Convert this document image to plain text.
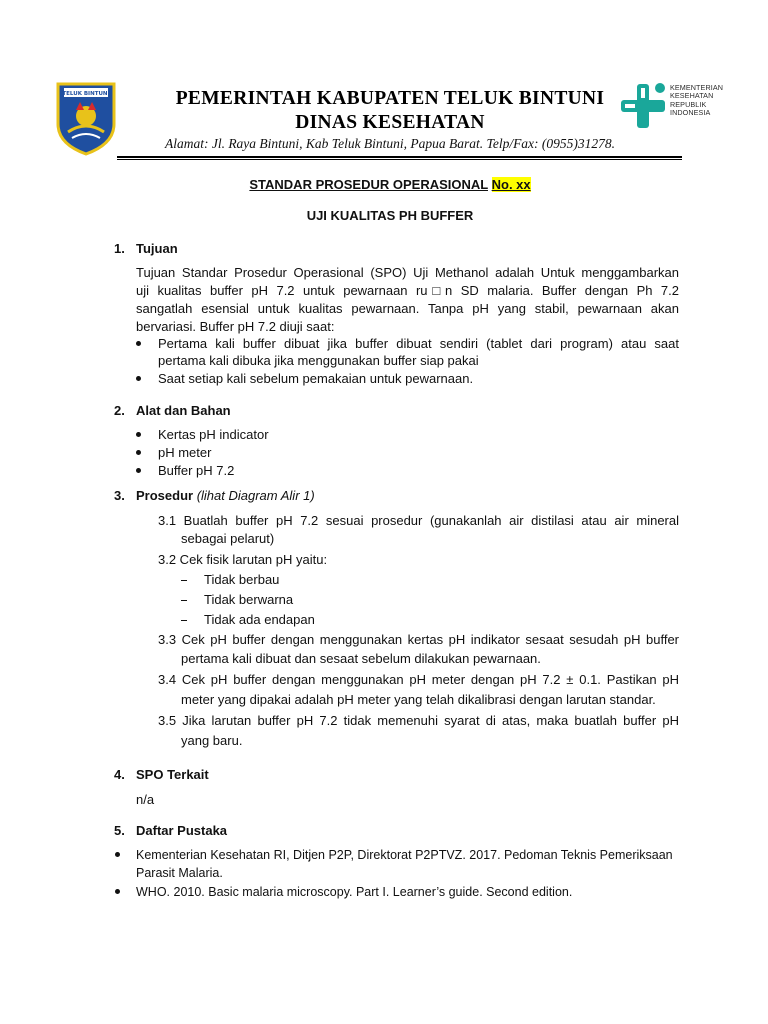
TELUK BINTUNI
KEMENTERIAN
KESEHATAN
REPUBLIK
INDONESIA
PEMERINTAH KABUPATEN TELUK BINTUNI
DINAS KESEHATAN
Alamat: Jl. Raya Bintuni, Kab Teluk Bintuni, Papua Barat. Telp/Fax: (0955)31278.
STANDAR PROSEDUR OPERASIONAL No. xx
UJI KUALITAS PH BUFFER
1. Tujuan
Tujuan Standar Prosedur Operasional (SPO) Uji Methanol adalah Untuk menggambarkan
uji kualitas buffer pH 7.2 untuk pewarnaan ru□n SD malaria. Buffer dengan Ph 7.2
sangatlah esensial untuk kualitas pewarnaan. Tanpa pH yang stabil, pewarnaan akan
bervariasi. Buffer pH 7.2 diuji saat:
Pertama kali buffer dibuat jika buffer dibuat sendiri (tablet dari program) atau saat
pertama kali dibuka jika menggunakan buffer siap pakai
Saat setiap kali sebelum pemakaian untuk pewarnaan.
2. Alat dan Bahan
Kertas pH indicator
pH meter
Buffer pH 7.2
3. Prosedur (lihat Diagram Alir 1)
3.1 Buatlah buffer pH 7.2 sesuai prosedur (gunakanlah air distilasi atau air mineral
sebagai pelarut)
3.2 Cek fisik larutan pH yaitu:
Tidak berbau
Tidak berwarna
Tidak ada endapan
3.3 Cek pH buffer dengan menggunakan kertas pH indikator sesaat sesudah pH buffer
pertama kali dibuat dan sesaat sebelum dilakukan pewarnaan.
3.4 Cek pH buffer dengan menggunakan pH meter dengan pH 7.2 ± 0.1. Pastikan pH
meter yang dipakai adalah pH meter yang telah dikalibrasi dengan larutan standar.
3.5 Jika larutan buffer pH 7.2 tidak memenuhi syarat di atas, maka buatlah buffer pH
yang baru.
4. SPO Terkait
n/a
5. Daftar Pustaka
Kementerian Kesehatan RI, Ditjen P2P, Direktorat P2PTVZ. 2017. Pedoman Teknis Pemeriksaan
Parasit Malaria.
WHO. 2010. Basic malaria microscopy. Part I. Learner’s guide. Second edition.
